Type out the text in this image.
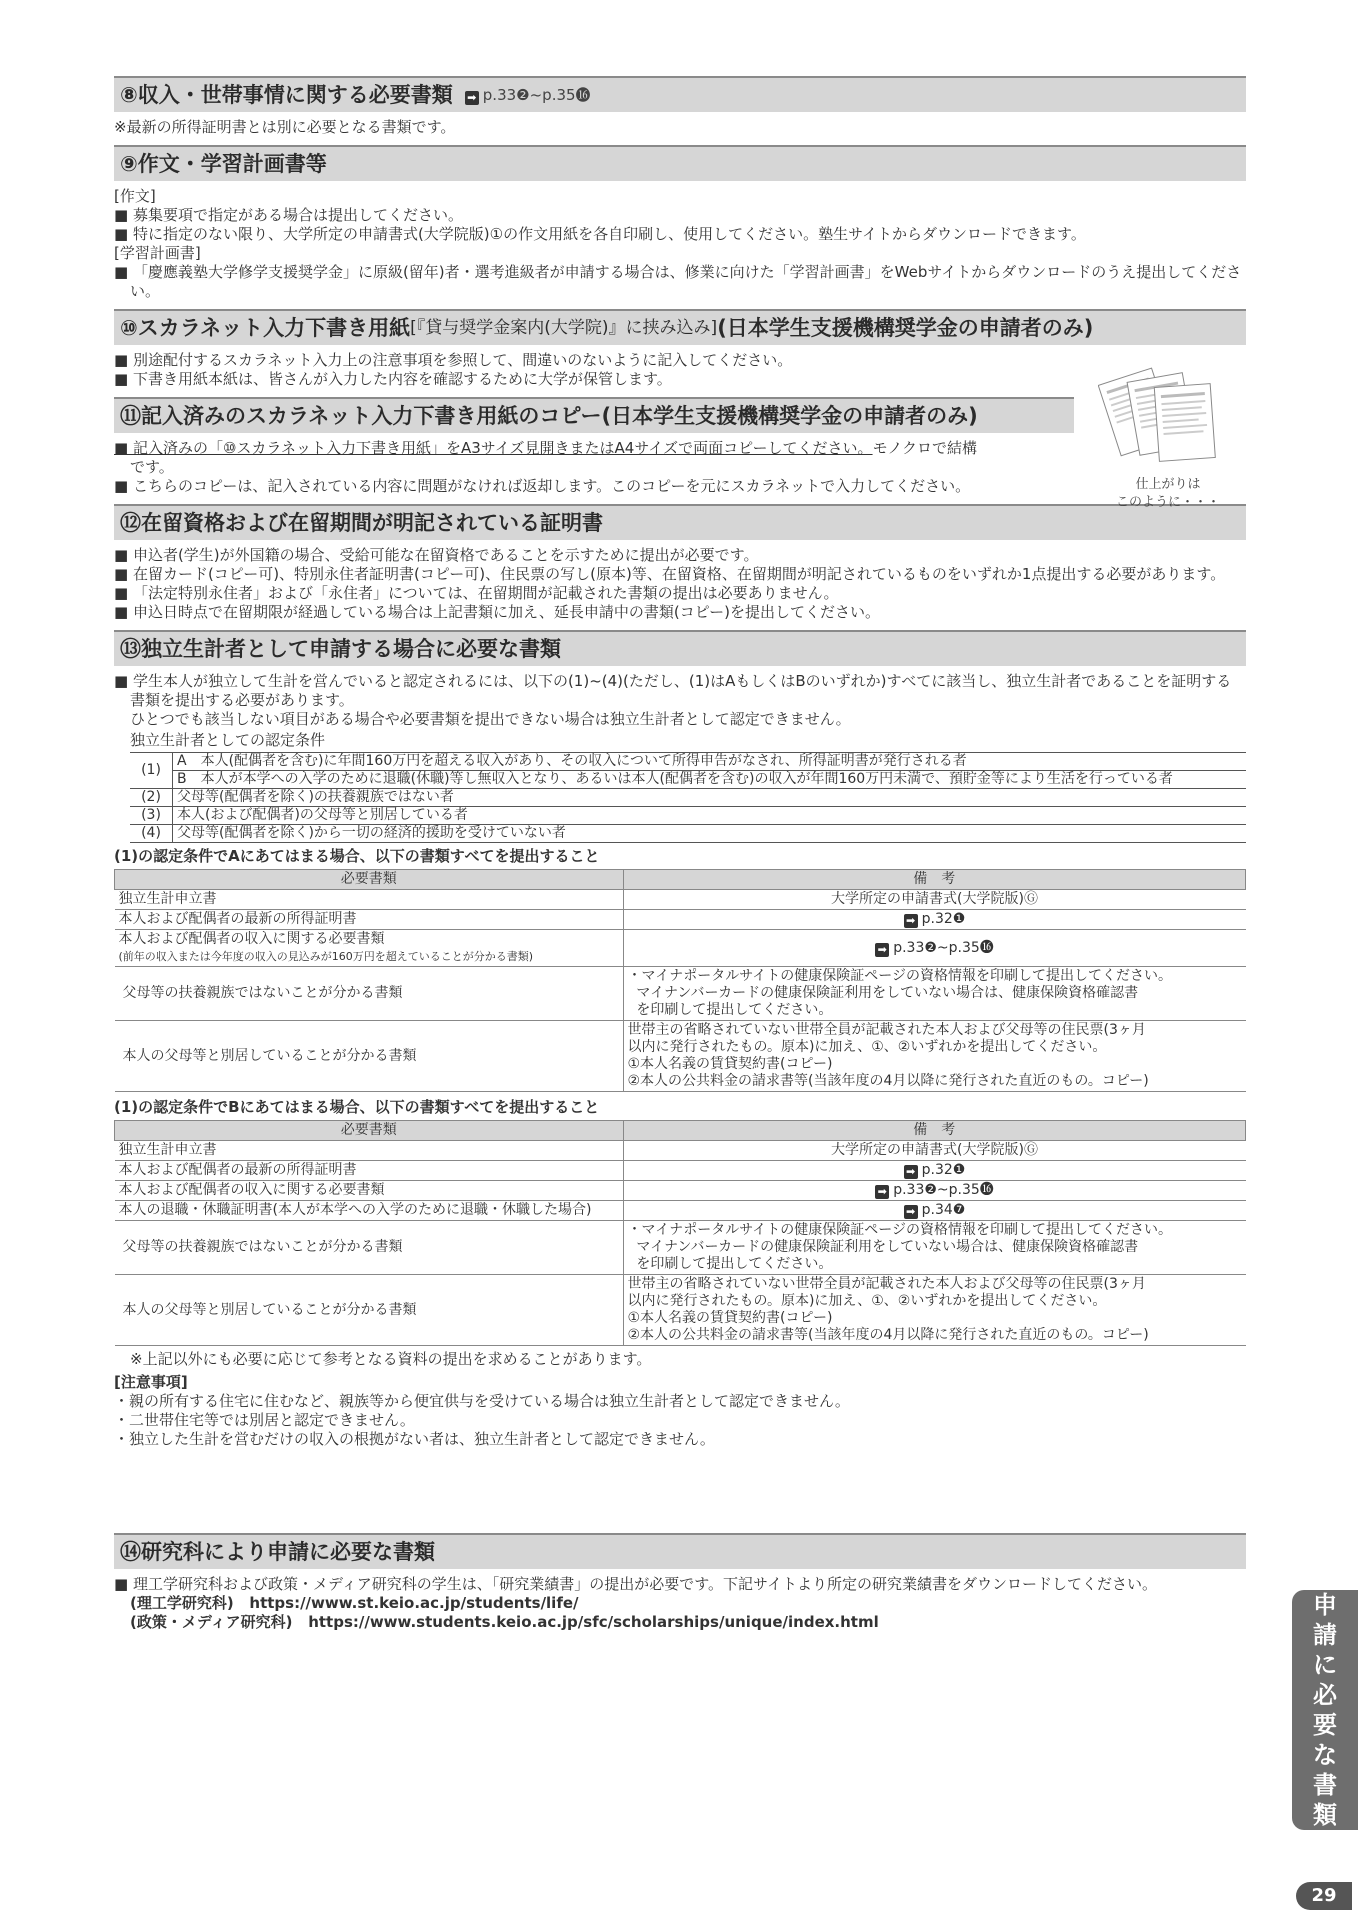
⑧収入・世帯事情に関する必要書類 ➡ p.33❷~p.35⓰

※最新の所得証明書とは別に必要となる書類です。

⑨作文・学習計画書等

[作文]

■ 募集要項で指定がある場合は提出してください。

■ 特に指定のない限り、大学所定の申請書式(大学院版)①の作文用紙を各自印刷し、使用してください。塾生サイトからダウンロードできます。

[学習計画書]

■ 「慶應義塾大学修学支援奨学金」に原級(留年)者・選考進級者が申請する場合は、修業に向けた「学習計画書」をWebサイトからダウンロードのうえ提出してください。

⑩スカラネット入力下書き用紙 [『貸与奨学金案内(大学院)』に挟み込み] (日本学生支援機構奨学金の申請者のみ)

■ 別途配付するスカラネット入力上の注意事項を参照して、間違いのないように記入してください。

■ 下書き用紙本紙は、皆さんが入力した内容を確認するために大学が保管します。

⑪記入済みのスカラネット入力下書き用紙のコピー(日本学生支援機構奨学金の申請者のみ)

■ 記入済みの「⑩スカラネット入力下書き用紙」をA3サイズ見開きまたはA4サイズで両面コピーしてください。モノクロで結構
です。

■ こちらのコピーは、記入されている内容に問題がなければ返却します。このコピーを元にスカラネットで入力してください。

⑫在留資格および在留期間が明記されている証明書

■ 申込者(学生)が外国籍の場合、受給可能な在留資格であることを示すために提出が必要です。

■ 在留カード(コピー可)、特別永住者証明書(コピー可)、住民票の写し(原本)等、在留資格、在留期間が明記されているものをいずれか1点提出する必要があります。

■ 「法定特別永住者」および「永住者」については、在留期間が記載された書類の提出は必要ありません。

■ 申込日時点で在留期限が経過している場合は上記書類に加え、延長申請中の書類(コピー)を提出してください。

⑬独立生計者として申請する場合に必要な書類

■ 学生本人が独立して生計を営んでいると認定されるには、以下の(1)~(4)(ただし、(1)はAもしくはBのいずれか)すべてに該当し、独立生計者であることを証明する書類を提出する必要があります。

ひとつでも該当しない項目がある場合や必要書類を提出できない場合は独立生計者として認定できません。

独立生計者としての認定条件

(1)	A　本人(配偶者を含む)に年間160万円を超える収入があり、その収入について所得申告がなされ、所得証明書が発行される者
	B　本人が本学への入学のために退職(休職)等し無収入となり、あるいは本人(配偶者を含む)の収入が年間160万円未満で、預貯金等により生活を行っている者
(2)	父母等(配偶者を除く)の扶養親族ではない者
(3)	本人(および配偶者)の父母等と別居している者
(4)	父母等(配偶者を除く)から一切の経済的援助を受けていない者

(1)の認定条件でAにあてはまる場合、以下の書類すべてを提出すること

必要書類	備　考
独立生計申立書	大学所定の申請書式(大学院版)Ⓖ
本人および配偶者の最新の所得証明書	➡ p.32❶
本人および配偶者の収入に関する必要書類
(前年の収入または今年度の収入の見込みが160万円を超えていることが分かる書類)	➡ p.33❷~p.35⓰
父母等の扶養親族ではないことが分かる書類	・マイナポータルサイトの健康保険証ページの資格情報を印刷して提出してください。
マイナンバーカードの健康保険証利用をしていない場合は、健康保険資格確認書
を印刷して提出してください。
本人の父母等と別居していることが分かる書類	世帯主の省略されていない世帯全員が記載された本人および父母等の住民票(3ヶ月
以内に発行されたもの。原本)に加え、①、②いずれかを提出してください。
①本人名義の賃貸契約書(コピー)
②本人の公共料金の請求書等(当該年度の4月以降に発行された直近のもの。コピー)

(1)の認定条件でBにあてはまる場合、以下の書類すべてを提出すること

必要書類	備　考
独立生計申立書	大学所定の申請書式(大学院版)Ⓖ
本人および配偶者の最新の所得証明書	➡ p.32❶
本人および配偶者の収入に関する必要書類	➡ p.33❷~p.35⓰
本人の退職・休職証明書(本人が本学への入学のために退職・休職した場合)	➡ p.34❼
父母等の扶養親族ではないことが分かる書類	・マイナポータルサイトの健康保険証ページの資格情報を印刷して提出してください。
マイナンバーカードの健康保険証利用をしていない場合は、健康保険資格確認書
を印刷して提出してください。
本人の父母等と別居していることが分かる書類	世帯主の省略されていない世帯全員が記載された本人および父母等の住民票(3ヶ月
以内に発行されたもの。原本)に加え、①、②いずれかを提出してください。
①本人名義の賃貸契約書(コピー)
②本人の公共料金の請求書等(当該年度の4月以降に発行された直近のもの。コピー)

※上記以外にも必要に応じて参考となる資料の提出を求めることがあります。

[注意事項]

・親の所有する住宅に住むなど、親族等から便宜供与を受けている場合は独立生計者として認定できません。

・二世帯住宅等では別居と認定できません。

・独立した生計を営むだけの収入の根拠がない者は、独立生計者として認定できません。

⑭研究科により申請に必要な書類

■ 理工学研究科および政策・メディア研究科の学生は、「研究業績書」の提出が必要です。下記サイトより所定の研究業績書をダウンロードしてください。

(理工学研究科) https://www.st.keio.ac.jp/students/life/

(政策・メディア研究科) https://www.students.keio.ac.jp/sfc/scholarships/unique/index.html

仕上がりは
このように・・・
申
請
に
必
要
な
書
類
29
